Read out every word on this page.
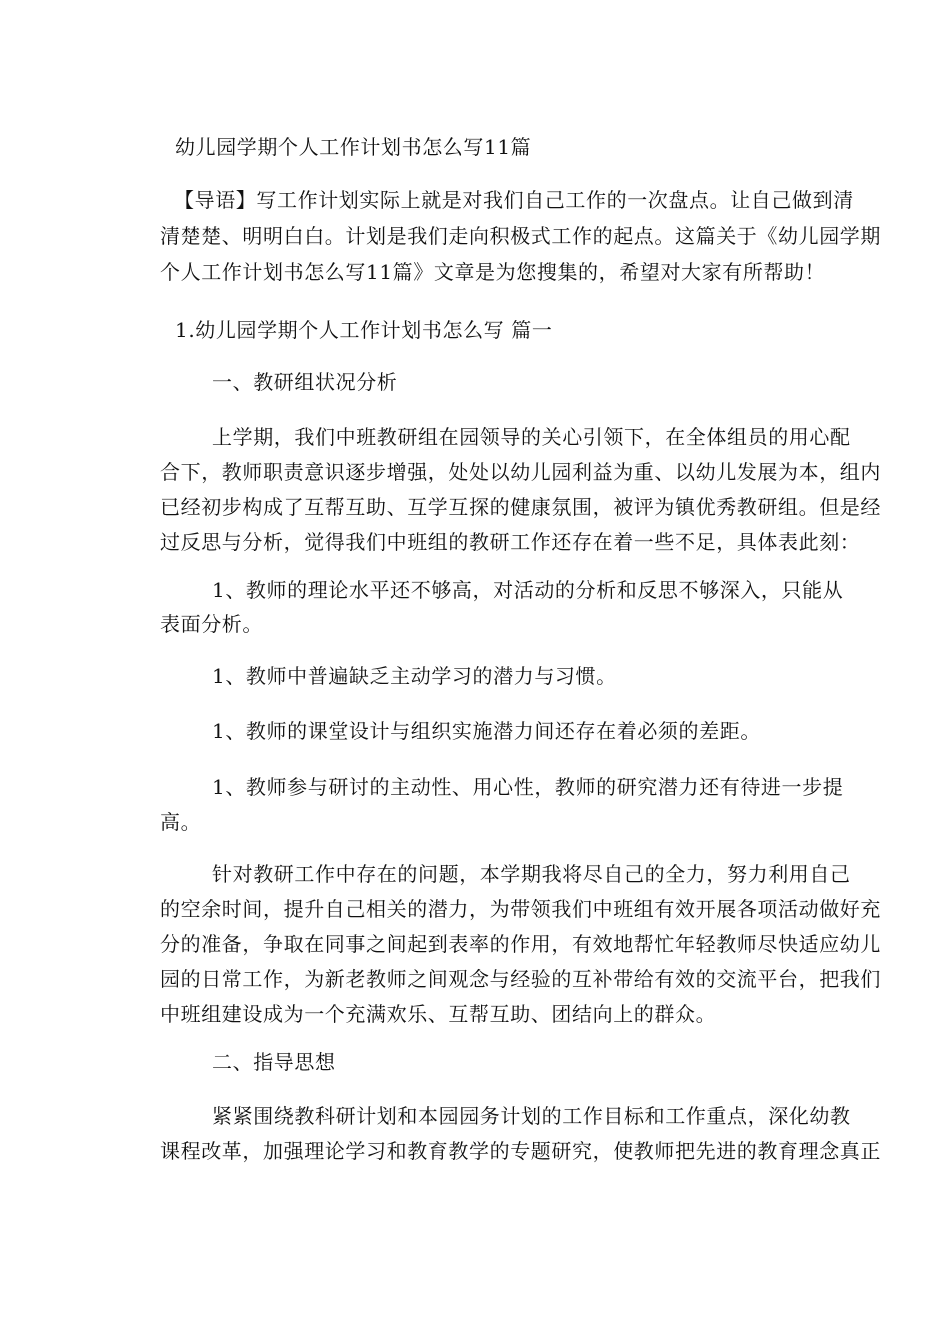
幼儿园学期个人工作计划书怎么写11篇
【导语】写工作计划实际上就是对我们自己工作的一次盘点。让自己做到清
清楚楚、明明白白。计划是我们走向积极式工作的起点。这篇关于《幼儿园学期
个人工作计划书怎么写11篇》文章是为您搜集的，希望对大家有所帮助！
1.幼儿园学期个人工作计划书怎么写 篇一
一、教研组状况分析
上学期，我们中班教研组在园领导的关心引领下，在全体组员的用心配
合下，教师职责意识逐步增强，处处以幼儿园利益为重、以幼儿发展为本，组内
已经初步构成了互帮互助、互学互探的健康氛围，被评为镇优秀教研组。但是经
过反思与分析，觉得我们中班组的教研工作还存在着一些不足，具体表此刻：
1、教师的理论水平还不够高，对活动的分析和反思不够深入，只能从
表面分析。
1、教师中普遍缺乏主动学习的潜力与习惯。
1、教师的课堂设计与组织实施潜力间还存在着必须的差距。
1、教师参与研讨的主动性、用心性，教师的研究潜力还有待进一步提
高。
针对教研工作中存在的问题，本学期我将尽自己的全力，努力利用自己
的空余时间，提升自己相关的潜力，为带领我们中班组有效开展各项活动做好充
分的准备，争取在同事之间起到表率的作用，有效地帮忙年轻教师尽快适应幼儿
园的日常工作，为新老教师之间观念与经验的互补带给有效的交流平台，把我们
中班组建设成为一个充满欢乐、互帮互助、团结向上的群众。
二、指导思想
紧紧围绕教科研计划和本园园务计划的工作目标和工作重点，深化幼教
课程改革，加强理论学习和教育教学的专题研究，使教师把先进的教育理念真正
